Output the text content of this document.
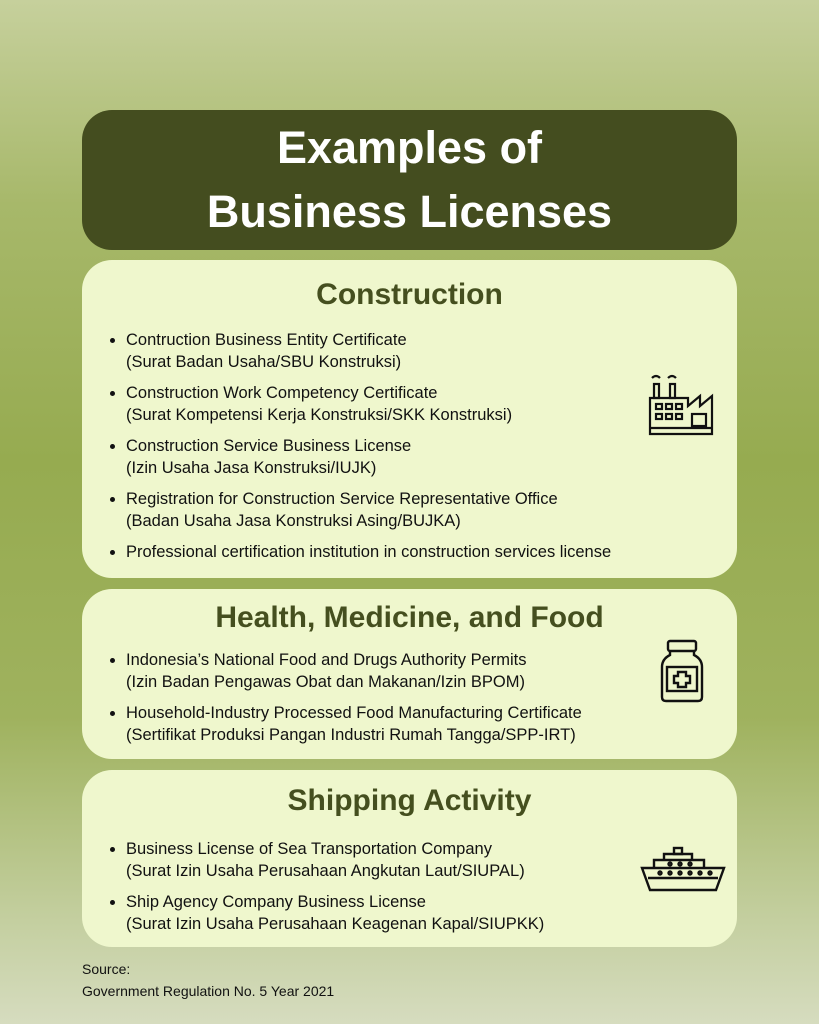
Examples of
Business Licenses
Construction
Contruction Business Entity Certificate
(Surat Badan Usaha/SBU Konstruksi)
Construction Work Competency Certificate
(Surat Kompetensi Kerja Konstruksi/SKK Konstruksi)
Construction Service Business License
(Izin Usaha Jasa Konstruksi/IUJK)
Registration for Construction Service Representative Office
(Badan Usaha Jasa Konstruksi Asing/BUJKA)
Professional certification institution in construction services license
Health, Medicine, and Food
Indonesia’s National Food and Drugs Authority Permits
(Izin Badan Pengawas Obat dan Makanan/Izin BPOM)
Household-Industry Processed Food Manufacturing Certificate
(Sertifikat Produksi Pangan Industri Rumah Tangga/SPP-IRT)
Shipping Activity
Business License of Sea Transportation Company
(Surat Izin Usaha Perusahaan Angkutan Laut/SIUPAL)
Ship Agency Company Business License
(Surat Izin Usaha Perusahaan Keagenan Kapal/SIUPKK)
Source:
Government Regulation No. 5 Year 2021
